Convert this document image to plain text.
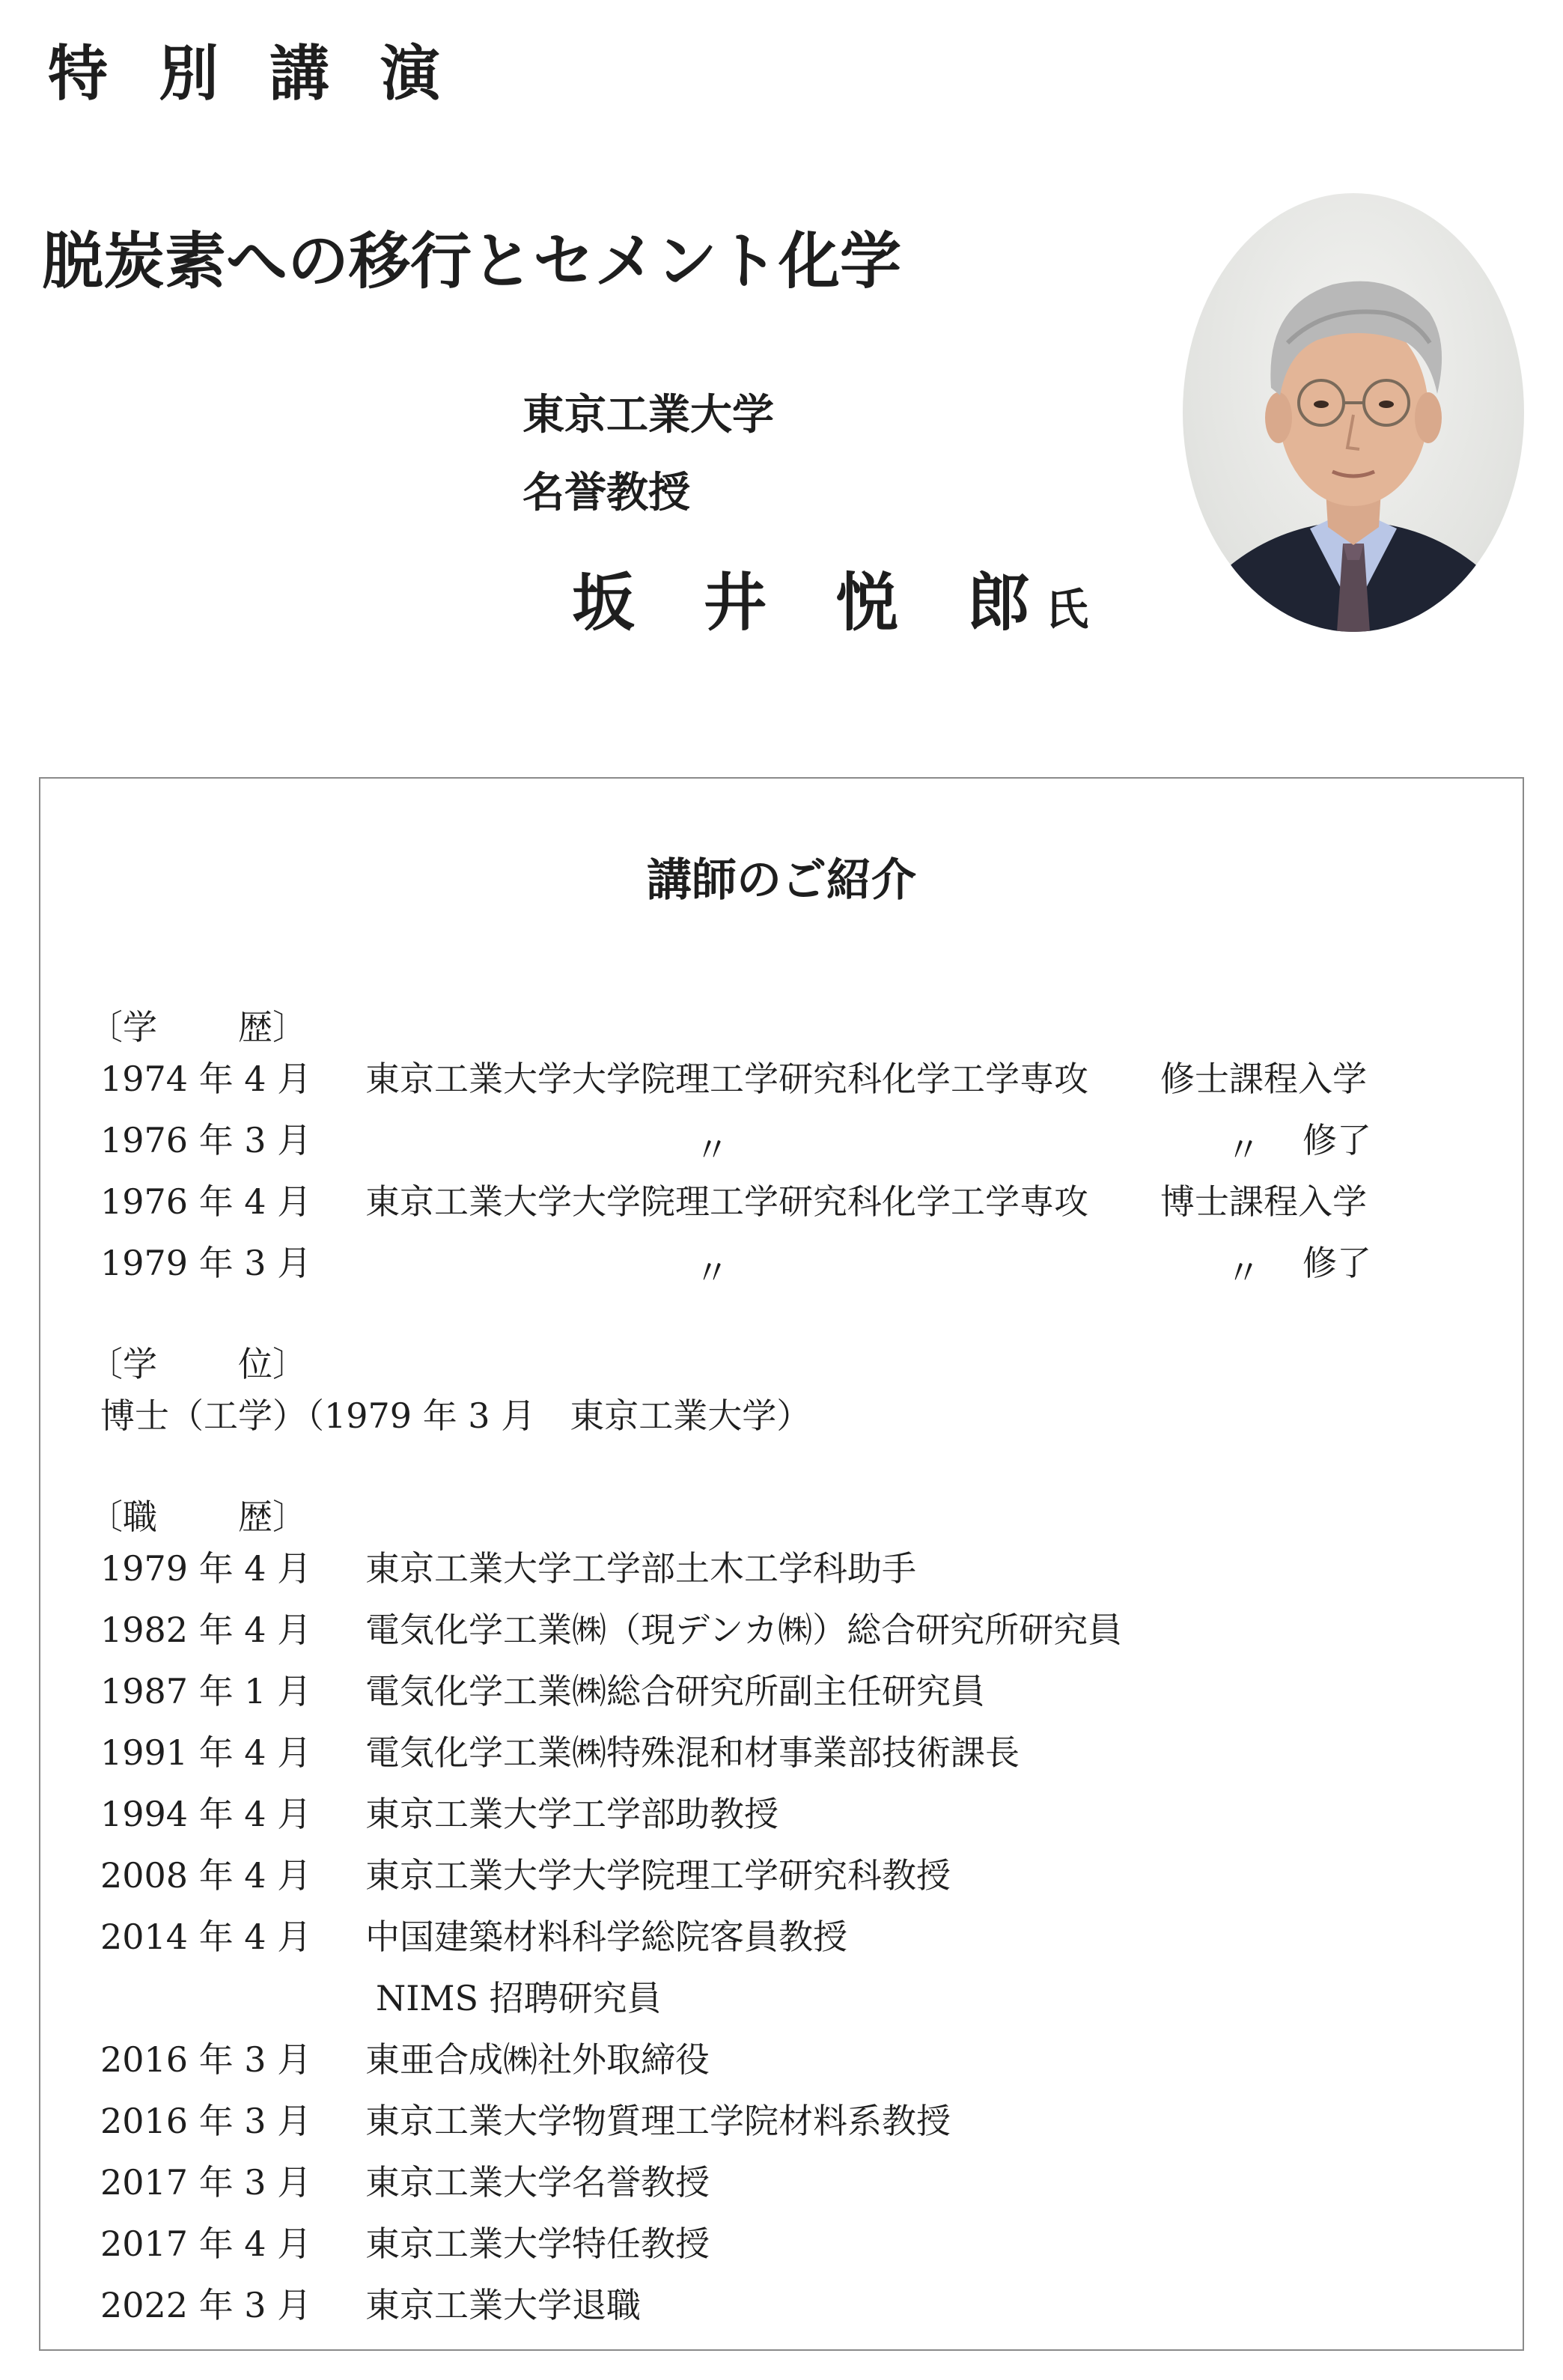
特 別 講 演
脱炭素への移行とセメント化学
東京工業大学
名誉教授
坂 井 悦 郎 氏
講師のご紹介
〔学 歴〕
1974 年 4 月 東京工業大学大学院理工学研究科化学工学専攻 修士課程入学
1976 年 3 月	〃	〃 修了
1976 年 4 月 東京工業大学大学院理工学研究科化学工学専攻 博士課程入学
1979 年 3 月	〃	〃 修了
〔学 位〕
博士（工学）（1979 年 3 月　東京工業大学）
〔職 歴〕
1979 年 4 月 東京工業大学工学部土木工学科助手
1982 年 4 月 電気化学工業㈱（現デンカ㈱）総合研究所研究員
1987 年 1 月 電気化学工業㈱総合研究所副主任研究員
1991 年 4 月 電気化学工業㈱特殊混和材事業部技術課長
1994 年 4 月 東京工業大学工学部助教授
2008 年 4 月 東京工業大学大学院理工学研究科教授
2014 年 4 月 中国建築材料科学総院客員教授
NIMS 招聘研究員
2016 年 3 月 東亜合成㈱社外取締役
2016 年 3 月 東京工業大学物質理工学院材料系教授
2017 年 3 月 東京工業大学名誉教授
2017 年 4 月 東京工業大学特任教授
2022 年 3 月 東京工業大学退職
